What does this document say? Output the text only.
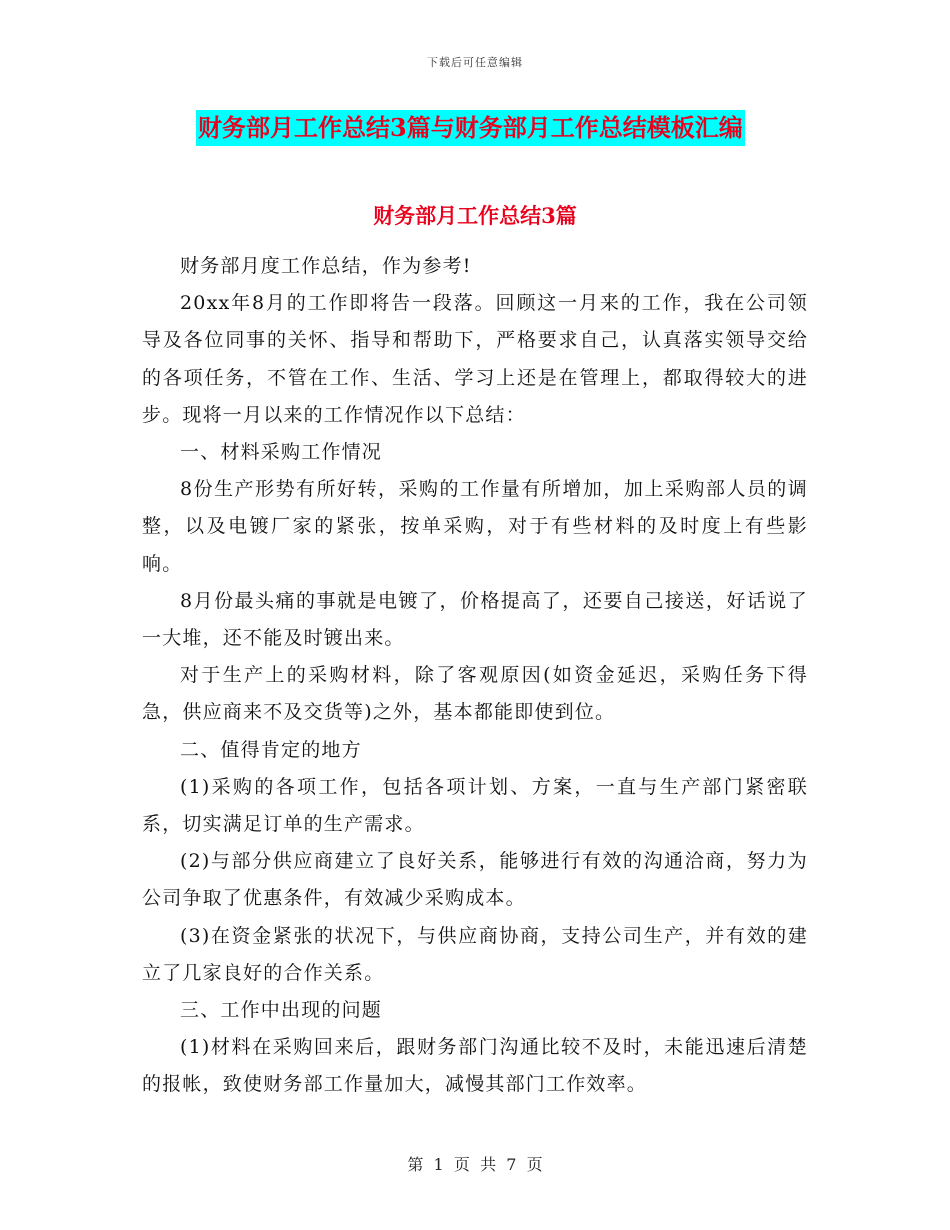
下载后可任意编辑
财务部月工作总结3篇与财务部月工作总结模板汇编
财务部月工作总结3篇

财务部月度工作总结，作为参考!

20xx年8月的工作即将告一段落。回顾这一月来的工作，我在公司领导及各位同事的关怀、指导和帮助下，严格要求自己，认真落实领导交给的各项任务，不管在工作、生活、学习上还是在管理上，都取得较大的进步。现将一月以来的工作情况作以下总结：

一、材料采购工作情况

8份生产形势有所好转，采购的工作量有所增加，加上采购部人员的调整，以及电镀厂家的紧张，按单采购，对于有些材料的及时度上有些影响。

8月份最头痛的事就是电镀了，价格提高了，还要自己接送，好话说了一大堆，还不能及时镀出来。

对于生产上的采购材料，除了客观原因(如资金延迟，采购任务下得急，供应商来不及交货等)之外，基本都能即使到位。

二、值得肯定的地方

(1)采购的各项工作，包括各项计划、方案，一直与生产部门紧密联系，切实满足订单的生产需求。

(2)与部分供应商建立了良好关系，能够进行有效的沟通洽商，努力为公司争取了优惠条件，有效减少采购成本。

(3)在资金紧张的状况下，与供应商协商，支持公司生产，并有效的建立了几家良好的合作关系。

三、工作中出现的问题

(1)材料在采购回来后，跟财务部门沟通比较不及时，未能迅速后清楚的报帐，致使财务部工作量加大，减慢其部门工作效率。

第  1  页  共  7  页
